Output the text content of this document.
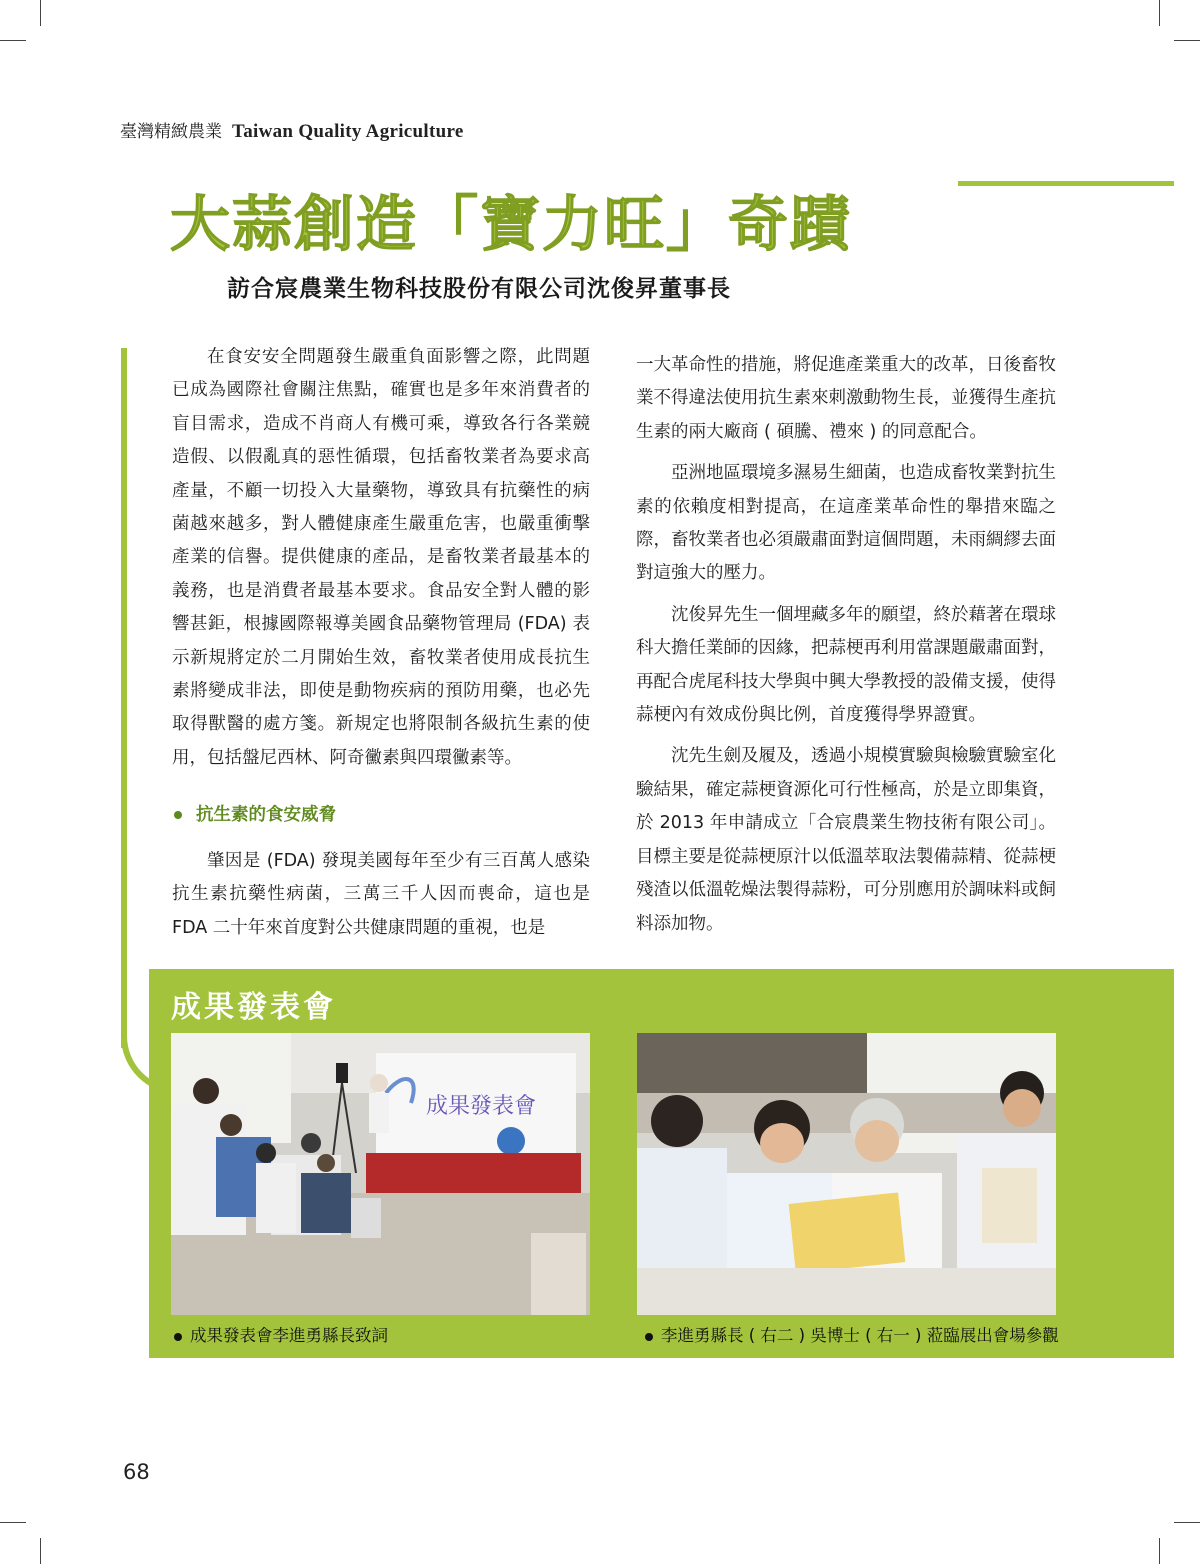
臺灣精緻農業 Taiwan Quality Agriculture
大蒜創造「寶力旺」奇蹟
訪合宸農業生物科技股份有限公司沈俊昇董事長

在食安安全問題發生嚴重負面影響之際，此問題已成為國際社會關注焦點，確實也是多年來消費者的盲目需求，造成不肖商人有機可乘，導致各行各業競造假、以假亂真的惡性循環，包括畜牧業者為要求高產量，不顧一切投入大量藥物，導致具有抗藥性的病菌越來越多，對人體健康產生嚴重危害，也嚴重衝擊產業的信譽。提供健康的產品，是畜牧業者最基本的義務，也是消費者最基本要求。食品安全對人體的影響甚鉅，根據國際報導美國食品藥物管理局 (FDA) 表示新規將定於二月開始生效，畜牧業者使用成長抗生素將變成非法，即使是動物疾病的預防用藥，也必先取得獸醫的處方箋。新規定也將限制各級抗生素的使用，包括盤尼西林、阿奇黴素與四環黴素等。

抗生素的食安威脅

肇因是 (FDA) 發現美國每年至少有三百萬人感染抗生素抗藥性病菌，三萬三千人因而喪命，這也是 FDA 二十年來首度對公共健康問題的重視，也是

一大革命性的措施，將促進產業重大的改革，日後畜牧業不得違法使用抗生素來刺激動物生長，並獲得生產抗生素的兩大廠商 ( 碩騰、禮來 ) 的同意配合。

亞洲地區環境多濕易生細菌，也造成畜牧業對抗生素的依賴度相對提高，在這產業革命性的舉措來臨之際，畜牧業者也必須嚴肅面對這個問題，未雨綢繆去面對這強大的壓力。

沈俊昇先生一個埋藏多年的願望，終於藉著在環球科大擔任業師的因緣，把蒜梗再利用當課題嚴肅面對，再配合虎尾科技大學與中興大學教授的設備支援，使得蒜梗內有效成份與比例，首度獲得學界證實。

沈先生劍及履及，透過小規模實驗與檢驗實驗室化驗結果，確定蒜梗資源化可行性極高，於是立即集資，於 2013 年申請成立「合宸農業生物技術有限公司」。目標主要是從蒜梗原汁以低溫萃取法製備蒜精、從蒜梗殘渣以低溫乾燥法製得蒜粉，可分別應用於調味料或飼料添加物。

成果發表會
成果發表會
成果發表會李進勇縣長致詞	李進勇縣長 ( 右二 ) 吳博士 ( 右一 ) 蒞臨展出會場參觀
68
